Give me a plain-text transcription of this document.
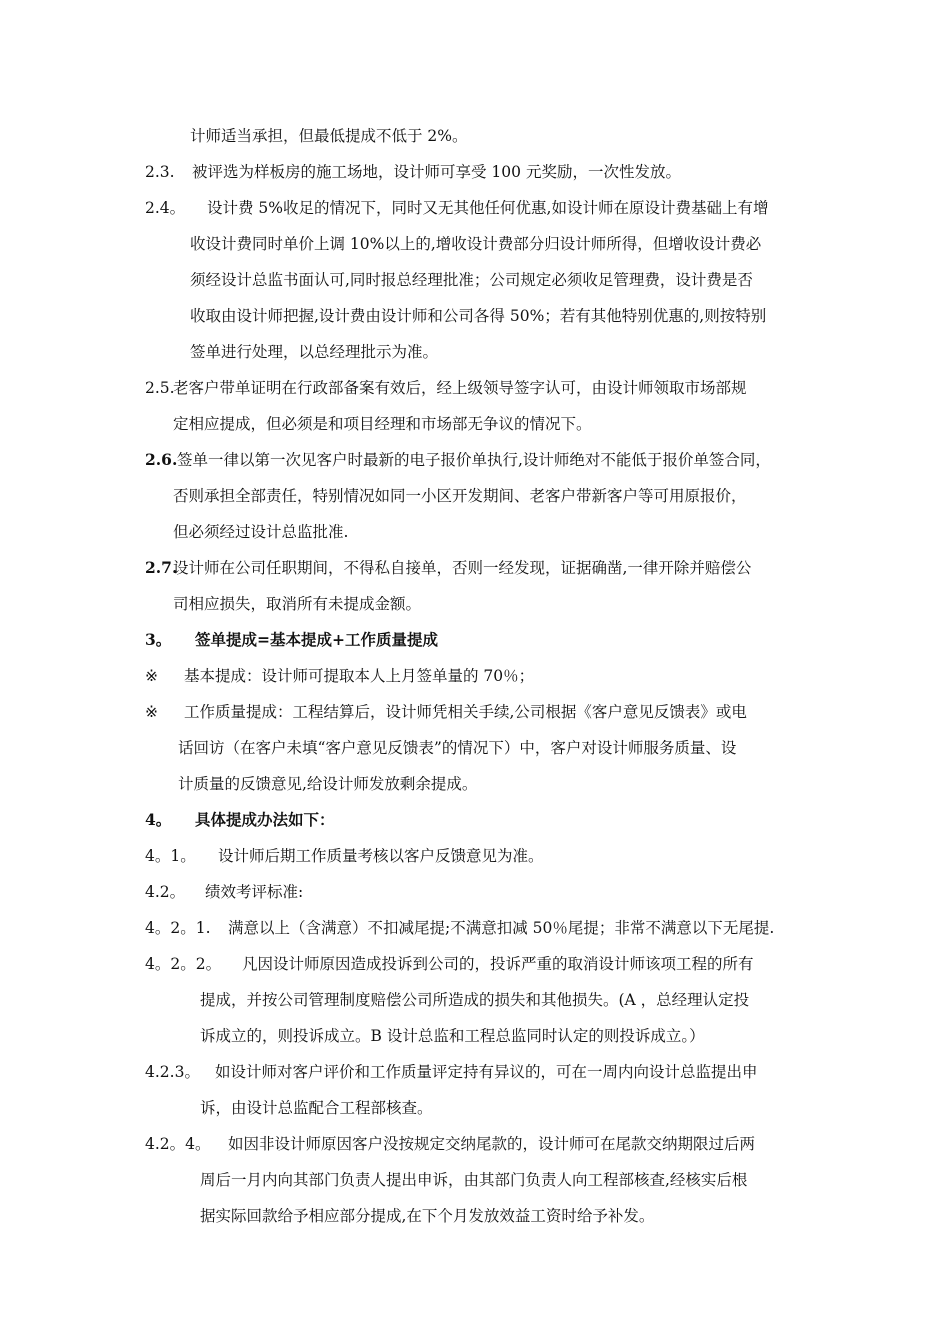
计师适当承担，但最低提成不低于 2%。
2.3. 被评选为样板房的施工场地，设计师可享受 100 元奖励，一次性发放。
2.4。 设计费 5%收足的情况下，同时又无其他任何优惠,如设计师在原设计费基础上有增
收设计费同时单价上调 10%以上的,增收设计费部分归设计师所得，但增收设计费必
须经设计总监书面认可,同时报总经理批准；公司规定必须收足管理费，设计费是否
收取由设计师把握,设计费由设计师和公司各得 50%；若有其他特别优惠的,则按特别
签单进行处理，以总经理批示为准。
2.5.老客户带单证明在行政部备案有效后，经上级领导签字认可，由设计师领取市场部规
定相应提成，但必须是和项目经理和市场部无争议的情况下。
2.6.签单一律以第一次见客户时最新的电子报价单执行,设计师绝对不能低于报价单签合同，
否则承担全部责任，特别情况如同一小区开发期间、老客户带新客户等可用原报价，
但必须经过设计总监批准.
2.7.设计师在公司任职期间，不得私自接单，否则一经发现，证据确凿,一律开除并赔偿公
司相应损失，取消所有未提成金额。
3。 签单提成=基本提成+工作质量提成
※ 基本提成：设计师可提取本人上月签单量的 70％；
※ 工作质量提成：工程结算后，设计师凭相关手续,公司根据《客户意见反馈表》或电
话回访（在客户未填“客户意见反馈表”的情况下）中，客户对设计师服务质量、设
计质量的反馈意见,给设计师发放剩余提成。
4。 具体提成办法如下：
4。1。 设计师后期工作质量考核以客户反馈意见为准。
4.2。 绩效考评标准:
4。2。1. 满意以上（含满意）不扣减尾提;不满意扣减 50％尾提；非常不满意以下无尾提.
4。2。2。 凡因设计师原因造成投诉到公司的，投诉严重的取消设计师该项工程的所有
提成，并按公司管理制度赔偿公司所造成的损失和其他损失。(A ，总经理认定投
诉成立的，则投诉成立。B 设计总监和工程总监同时认定的则投诉成立。）
4.2.3。 如设计师对客户评价和工作质量评定持有异议的，可在一周内向设计总监提出申
诉，由设计总监配合工程部核查。
4.2。4。 如因非设计师原因客户没按规定交纳尾款的，设计师可在尾款交纳期限过后两
周后一月内向其部门负责人提出申诉，由其部门负责人向工程部核查,经核实后根
据实际回款给予相应部分提成,在下个月发放效益工资时给予补发。
